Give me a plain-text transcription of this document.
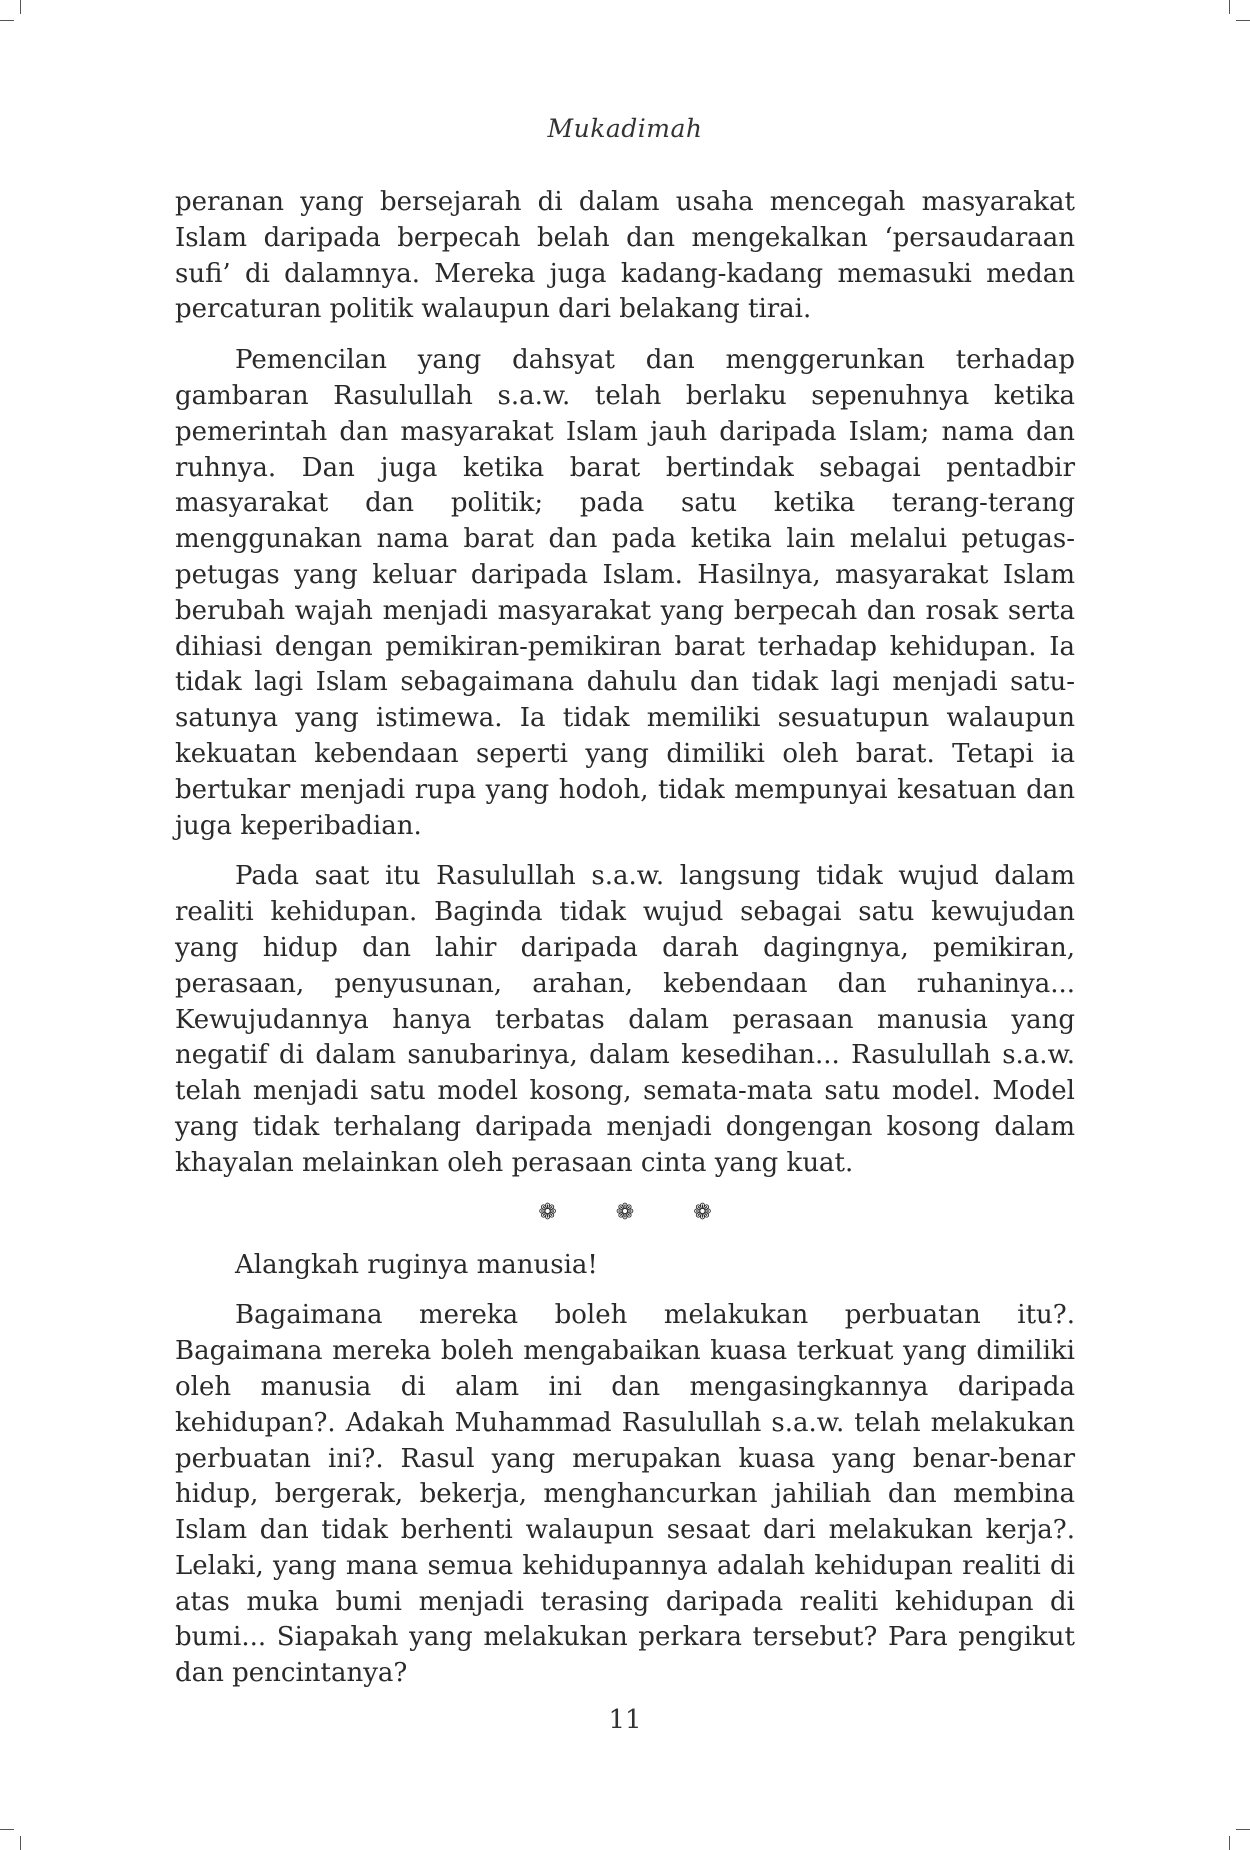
Mukadimah

peranan yang bersejarah di dalam usaha mencegah masyarakat Islam daripada berpecah belah dan mengekalkan ‘persaudaraan sufi’ di dalamnya. Mereka juga kadang-kadang memasuki medan percaturan politik walaupun dari belakang tirai.

Pemencilan yang dahsyat dan menggerunkan terhadap gambaran Rasulullah s.a.w. telah berlaku sepenuhnya ketika pemerintah dan masyarakat Islam jauh daripada Islam; nama dan ruhnya. Dan juga ketika barat bertindak sebagai pentadbir masyarakat dan politik; pada satu ketika terang-terang menggunakan nama barat dan pada ketika lain melalui petugas-petugas yang keluar daripada Islam. Hasilnya, masyarakat Islam berubah wajah menjadi masyarakat yang berpecah dan rosak serta dihiasi dengan pemikiran-pemikiran barat terhadap kehidupan. Ia tidak lagi Islam sebagaimana dahulu dan tidak lagi menjadi satu-satunya yang istimewa. Ia tidak memiliki sesuatupun walaupun kekuatan kebendaan seperti yang dimiliki oleh barat. Tetapi ia bertukar menjadi rupa yang hodoh, tidak mempunyai kesatuan dan juga keperibadian.

Pada saat itu Rasulullah s.a.w. langsung tidak wujud dalam realiti kehidupan. Baginda tidak wujud sebagai satu kewujudan yang hidup dan lahir daripada darah dagingnya, pemikiran, perasaan, penyusunan, arahan, kebendaan dan ruhaninya... Kewujudannya hanya terbatas dalam perasaan manusia yang negatif di dalam sanubarinya, dalam kesedihan... Rasulullah s.a.w. telah menjadi satu model kosong, semata-mata satu model. Model yang tidak terhalang daripada menjadi dongengan kosong dalam khayalan melainkan oleh perasaan cinta yang kuat.

❁	❁	❁

Alangkah ruginya manusia!

Bagaimana mereka boleh melakukan perbuatan itu?. Bagaimana mereka boleh mengabaikan kuasa terkuat yang dimiliki oleh manusia di alam ini dan mengasingkannya daripada kehidupan?. Adakah Muhammad Rasulullah s.a.w. telah melakukan perbuatan ini?. Rasul yang merupakan kuasa yang benar-benar hidup, bergerak, bekerja, menghancurkan jahiliah dan membina Islam dan tidak berhenti walaupun sesaat dari melakukan kerja?. Lelaki, yang mana semua kehidupannya adalah kehidupan realiti di atas muka bumi menjadi terasing daripada realiti kehidupan di bumi... Siapakah yang melakukan perkara tersebut? Para pengikut dan pencintanya?

11
